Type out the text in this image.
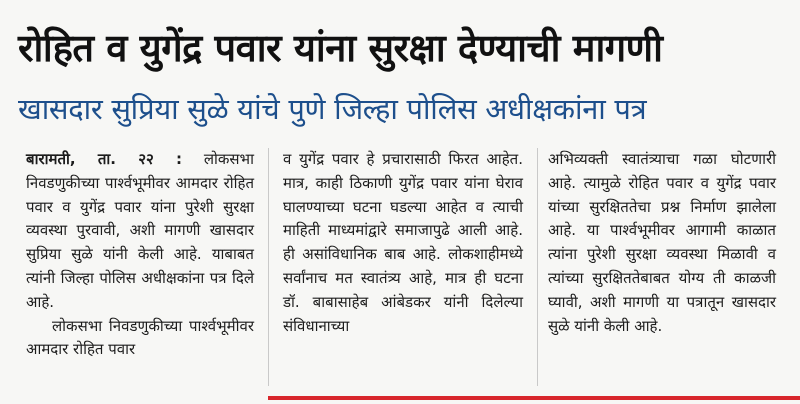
रोहित व युगेंद्र पवार यांना सुरक्षा देण्याची मागणी
खासदार सुप्रिया सुळे यांचे पुणे जिल्हा पोलिस अधीक्षकांना पत्र

बारामती, ता. २२ : लोकसभा निवडणुकीच्या पार्श्वभूमीवर आमदार रोहित पवार व युगेंद्र पवार यांना पुरेशी सुरक्षा व्यवस्था पुरवावी, अशी मागणी खासदार सुप्रिया सुळे यांनी केली आहे. याबाबत त्यांनी जिल्हा पोलिस अधीक्षकांना पत्र दिले आहे.

लोकसभा निवडणुकीच्या पार्श्वभूमीवर आमदार रोहित पवार

व युगेंद्र पवार हे प्रचारासाठी फिरत आहेत. मात्र, काही ठिकाणी युगेंद्र पवार यांना घेराव घालण्याच्या घटना घडल्या आहेत व त्याची माहिती माध्यमांद्वारे समाजापुढे आली आहे. ही असांविधानिक बाब आहे. लोकशाहीमध्ये सर्वांनाच मत स्वातंत्र्य आहे, मात्र ही घटना डॉ. बाबासाहेब आंबेडकर यांनी दिलेल्या संविधानाच्या

अभिव्यक्ती स्वातंत्र्याचा गळा घोटणारी आहे. त्यामुळे रोहित पवार व युगेंद्र पवार यांच्या सुरक्षिततेचा प्रश्न निर्माण झालेला आहे. या पार्श्वभूमीवर आगामी काळात त्यांना पुरेशी सुरक्षा व्यवस्था मिळावी व त्यांच्या सुरक्षिततेबाबत योग्य ती काळजी घ्यावी, अशी मागणी या पत्रातून खासदार सुळे यांनी केली आहे.
